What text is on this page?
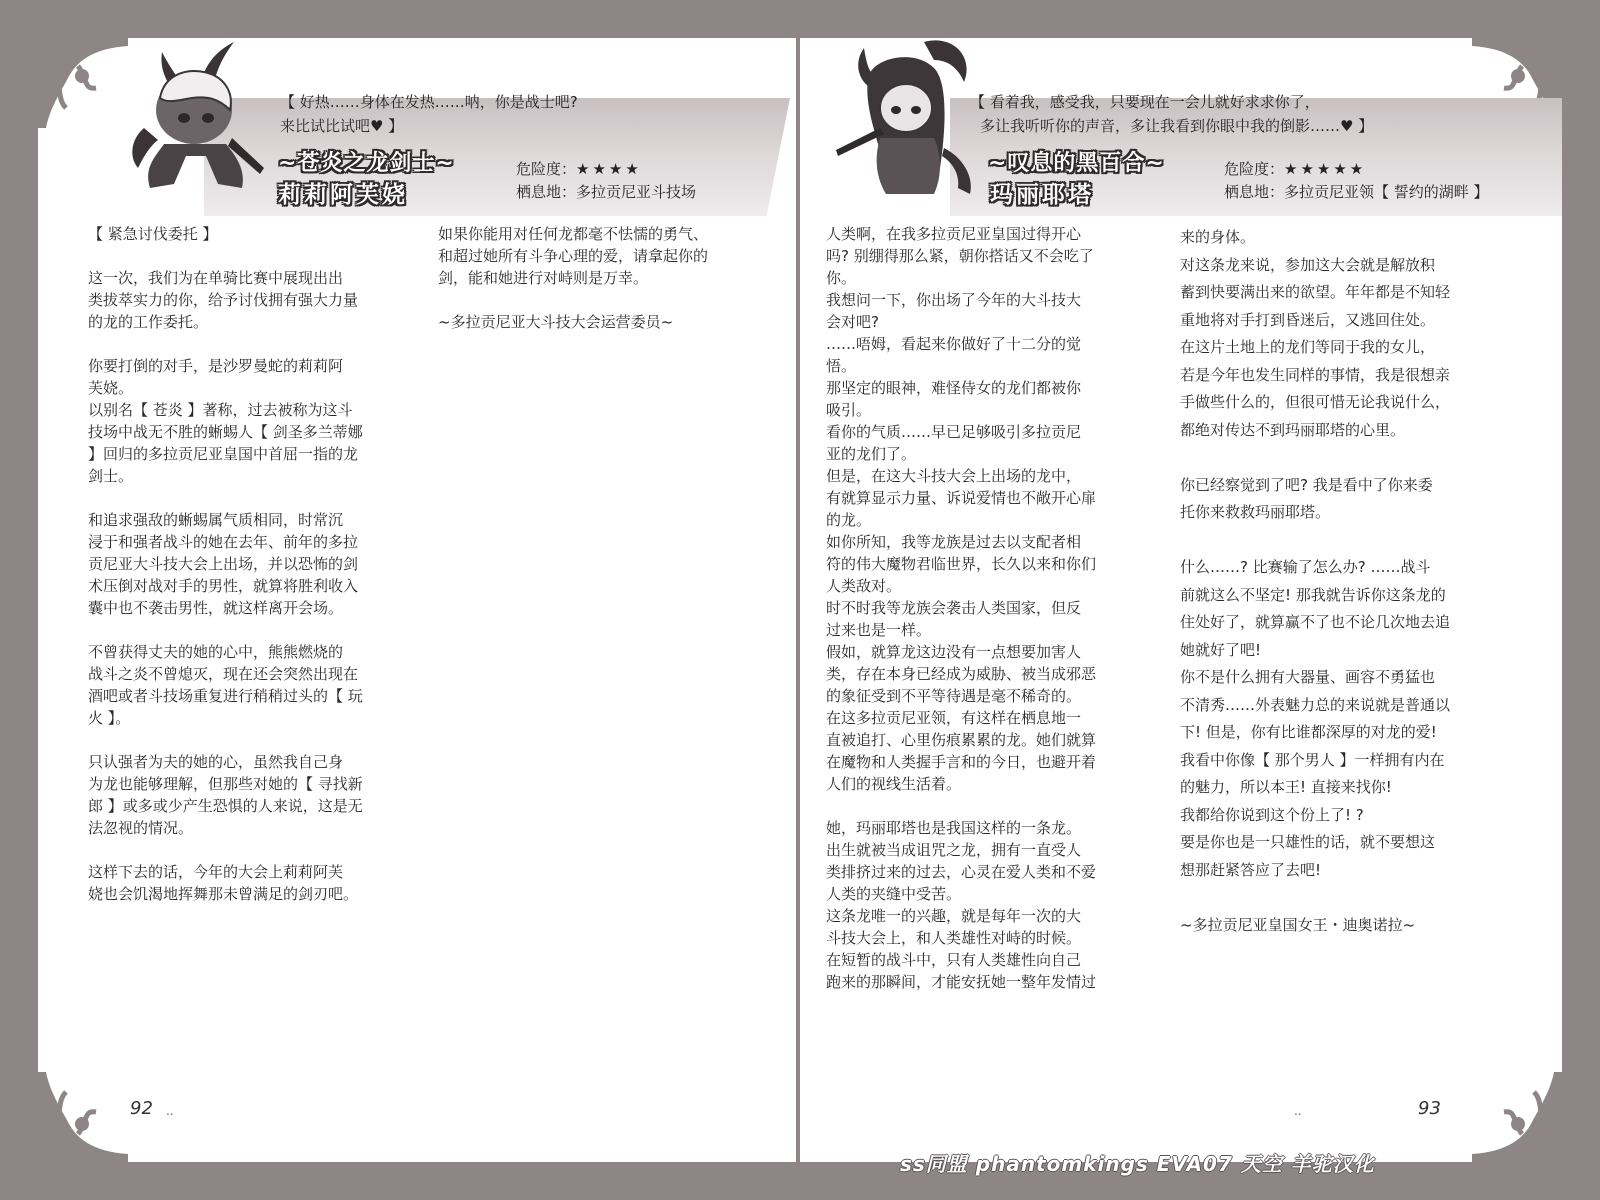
【 好热……身体在发热……呐，你是战士吧?
来比试比试吧♥ 】
~苍炎之龙剑士~
莉莉阿芙娆
危险度：★★★★
栖息地：多拉贡尼亚斗技场
【 紧急讨伐委托 】
这一次，我们为在单骑比赛中展现出出
类拔萃实力的你，给予讨伐拥有强大力量
的龙的工作委托。
你要打倒的对手，是沙罗曼蛇的莉莉阿
芙娆。
以别名【 苍炎 】著称，过去被称为这斗
技场中战无不胜的蜥蜴人【 剑圣多兰蒂娜
】回归的多拉贡尼亚皇国中首屈一指的龙
剑士。
和追求强敌的蜥蜴属气质相同，时常沉
浸于和强者战斗的她在去年、前年的多拉
贡尼亚大斗技大会上出场，并以恐怖的剑
术压倒对战对手的男性，就算将胜利收入
囊中也不袭击男性，就这样离开会场。
不曾获得丈夫的她的心中，熊熊燃烧的
战斗之炎不曾熄灭，现在还会突然出现在
酒吧或者斗技场重复进行稍稍过头的【 玩
火 】。
只认强者为夫的她的心，虽然我自己身
为龙也能够理解，但那些对她的【 寻找新
郎 】或多或少产生恐惧的人来说，这是无
法忽视的情况。
这样下去的话，今年的大会上莉莉阿芙
娆也会饥渴地挥舞那未曾满足的剑刃吧。
如果你能用对任何龙都毫不怯懦的勇气、
和超过她所有斗争心理的爱，请拿起你的
剑，能和她进行对峙则是万幸。
~多拉贡尼亚大斗技大会运营委员~
92 ..
【 看着我，感受我，只要现在一会儿就好求求你了，
多让我听听你的声音，多让我看到你眼中我的倒影……♥ 】
~叹息的黑百合~
玛丽耶塔
危险度：★★★★★
栖息地：多拉贡尼亚领【 誓约的湖畔 】
人类啊，在我多拉贡尼亚皇国过得开心
吗? 别绷得那么紧，朝你搭话又不会吃了
你。
我想问一下，你出场了今年的大斗技大
会对吧?
……唔姆，看起来你做好了十二分的觉
悟。
那坚定的眼神，难怪侍女的龙们都被你
吸引。
看你的气质……早已足够吸引多拉贡尼
亚的龙们了。
但是，在这大斗技大会上出场的龙中，
有就算显示力量、诉说爱情也不敞开心扉
的龙。
如你所知，我等龙族是过去以支配者相
符的伟大魔物君临世界，长久以来和你们
人类敌对。
时不时我等龙族会袭击人类国家，但反
过来也是一样。
假如，就算龙这边没有一点想要加害人
类，存在本身已经成为威胁、被当成邪恶
的象征受到不平等待遇是毫不稀奇的。
在这多拉贡尼亚领，有这样在栖息地一
直被追打、心里伤痕累累的龙。她们就算
在魔物和人类握手言和的今日，也避开着
人们的视线生活着。
她，玛丽耶塔也是我国这样的一条龙。
出生就被当成诅咒之龙，拥有一直受人
类排挤过来的过去，心灵在爱人类和不爱
人类的夹缝中受苦。
这条龙唯一的兴趣，就是每年一次的大
斗技大会上，和人类雄性对峙的时候。
在短暂的战斗中，只有人类雄性向自己
跑来的那瞬间，才能安抚她一整年发情过
来的身体。
对这条龙来说，参加这大会就是解放积
蓄到快要满出来的欲望。年年都是不知轻
重地将对手打到昏迷后，又逃回住处。
在这片土地上的龙们等同于我的女儿，
若是今年也发生同样的事情，我是很想亲
手做些什么的，但很可惜无论我说什么，
都绝对传达不到玛丽耶塔的心里。
你已经察觉到了吧? 我是看中了你来委
托你来救救玛丽耶塔。
什么……? 比赛输了怎么办? ……战斗
前就这么不坚定! 那我就告诉你这条龙的
住处好了，就算赢不了也不论几次地去追
她就好了吧!
你不是什么拥有大器量、画容不勇猛也
不清秀……外表魅力总的来说就是普通以
下! 但是，你有比谁都深厚的对龙的爱!
我看中你像【 那个男人 】一样拥有内在
的魅力，所以本王! 直接来找你!
我都给你说到这个份上了! ?
要是你也是一只雄性的话，就不要想这
想那赶紧答应了去吧!
~多拉贡尼亚皇国女王・迪奥诺拉~
..	93
ss同盟 phantomkings EVA07 天空 羊驼汉化
